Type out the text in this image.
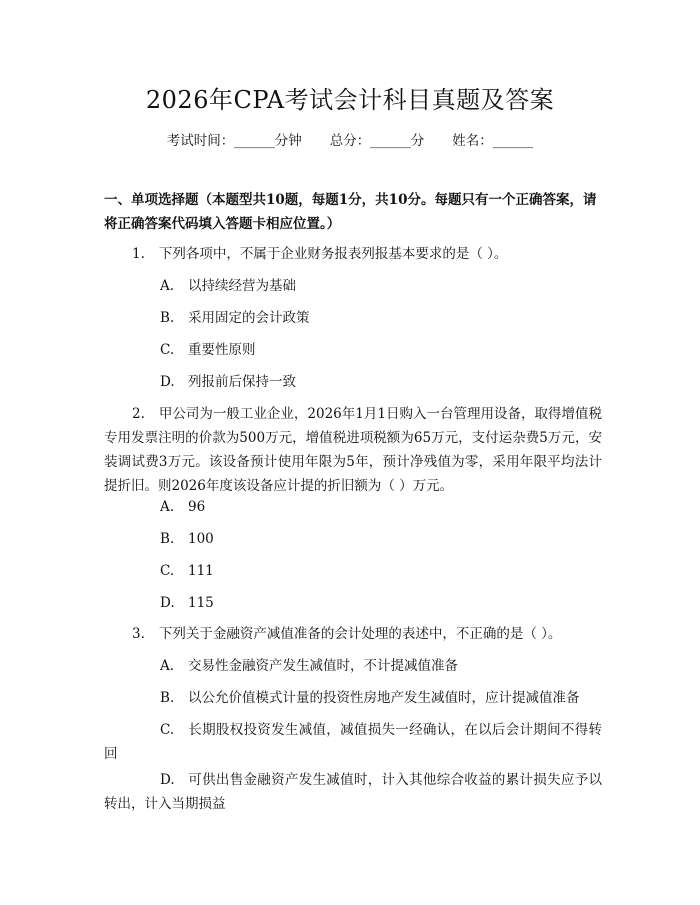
2026年CPA考试会计科目真题及答案
考试时间：______分钟 总分：______分 姓名：______
一、单项选择题（本题型共10题，每题1分，共10分。每题只有一个正确答案，请将正确答案代码填入答题卡相应位置。）
1. 下列各项中，不属于企业财务报表列报基本要求的是（ ）。
A. 以持续经营为基础
B. 采用固定的会计政策
C. 重要性原则
D. 列报前后保持一致
2. 甲公司为一般工业企业，2026年1月1日购入一台管理用设备，取得增值税专用发票注明的价款为500万元，增值税进项税额为65万元，支付运杂费5万元，安装调试费3万元。该设备预计使用年限为5年，预计净残值为零，采用年限平均法计提折旧。则2026年度该设备应计提的折旧额为（ ）万元。
A. 96
B. 100
C. 111
D. 115
3. 下列关于金融资产减值准备的会计处理的表述中，不正确的是（ ）。
A. 交易性金融资产发生减值时，不计提减值准备
B. 以公允价值模式计量的投资性房地产发生减值时，应计提减值准备
C. 长期股权投资发生减值，减值损失一经确认，在以后会计期间不得转回
D. 可供出售金融资产发生减值时，计入其他综合收益的累计损失应予以转出，计入当期损益
